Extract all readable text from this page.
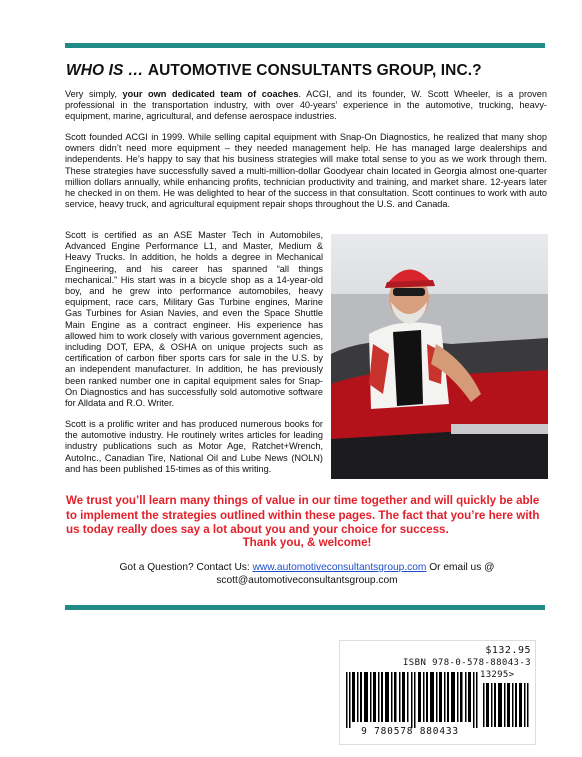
WHO IS … AUTOMOTIVE CONSULTANTS GROUP, INC.?

Very simply, your own dedicated team of coaches. ACGI, and its founder, W. Scott Wheeler, is a proven professional in the transportation industry, with over 40-years’ experience in the automotive, trucking, heavy-equipment, marine, agricultural, and defense aerospace industries.

Scott founded ACGI in 1999. While selling capital equipment with Snap-On Diagnostics, he realized that many shop owners didn’t need more equipment – they needed management help. He has managed large dealerships and independents. He’s happy to say that his business strategies will make total sense to you as we work through them. These strategies have successfully saved a multi-million-dollar Goodyear chain located in Georgia almost one-quarter million dollars annually, while enhancing profits, technician productivity and training, and market share. 12-years later he checked in on them. He was delighted to hear of the success in that consultation. Scott continues to work with auto service, heavy truck, and agricultural equipment repair shops throughout the U.S. and Canada.

Scott is certified as an ASE Master Tech in Automobiles, Advanced Engine Performance L1, and Master, Medium & Heavy Trucks. In addition, he holds a degree in Mechanical Engineering, and his career has spanned “all things mechanical.” His start was in a bicycle shop as a 14-year-old boy, and he grew into performance automobiles, heavy equipment, race cars, Military Gas Turbine engines, Marine Gas Turbines for Asian Navies, and even the Space Shuttle Main Engine as a contract engineer. His experience has allowed him to work closely with various government agencies, including DOT, EPA, & OSHA on unique projects such as certification of carbon fiber sports cars for sale in the U.S. by an independent manufacturer. In addition, he has previously been ranked number one in capital equipment sales for Snap-On Diagnostics and has successfully sold automotive software for Alldata and R.O. Writer.

Scott is a prolific writer and has produced numerous books for the automotive industry. He routinely writes articles for leading industry publications such as Motor Age, Ratchet+Wrench, AutoInc., Canadian Tire, National Oil and Lube News (NOLN) and has been published 15-times as of this writing.

We trust you’ll learn many things of value in our time together and will quickly be able to implement the strategies outlined within these pages. The fact that you’re here with us today really does say a lot about you and your choice for success.

Thank you, & welcome!

Got a Question? Contact Us: www.automotiveconsultantsgroup.com Or email us @
scott@automotiveconsultantsgroup.com

$132.95
ISBN 978-0-578-88043-3
13295>
9 780578 880433
